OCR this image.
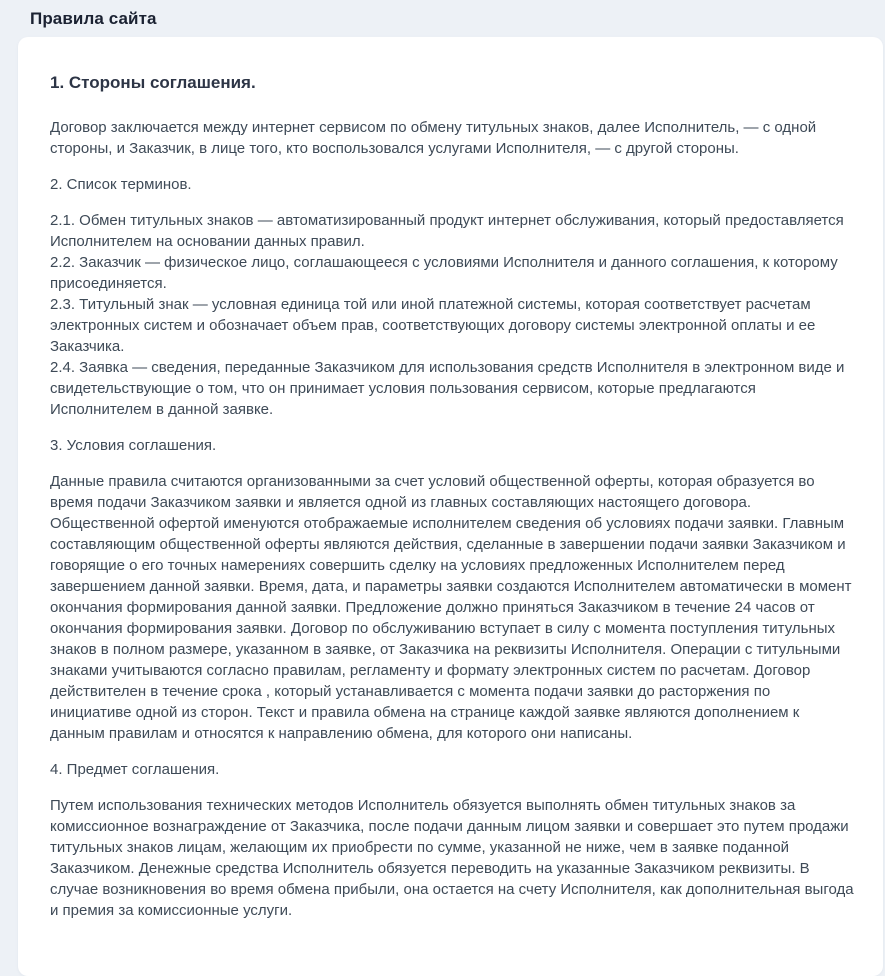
Правила сайта

1. Стороны соглашения.

Договор заключается между интернет сервисом по обмену титульных знаков, далее Исполнитель, — с одной стороны, и Заказчик, в лице того, кто воспользовался услугами Исполнителя, — с другой стороны.

2. Список терминов.

2.1. Обмен титульных знаков — автоматизированный продукт интернет обслуживания, который предоставляется Исполнителем на основании данных правил.

2.2. Заказчик — физическое лицо, соглашающееся с условиями Исполнителя и данного соглашения, к которому присоединяется.

2.3. Титульный знак — условная единица той или иной платежной системы, которая соответствует расчетам электронных систем и обозначает объем прав, соответствующих договору системы электронной оплаты и ее Заказчика.

2.4. Заявка — сведения, переданные Заказчиком для использования средств Исполнителя в электронном виде и свидетельствующие о том, что он принимает условия пользования сервисом, которые предлагаются Исполнителем в данной заявке.

3. Условия соглашения.

Данные правила считаются организованными за счет условий общественной оферты, которая образуется во время подачи Заказчиком заявки и является одной из главных составляющих настоящего договора. Общественной офертой именуются отображаемые исполнителем сведения об условиях подачи заявки. Главным составляющим общественной оферты являются действия, сделанные в завершении подачи заявки Заказчиком и говорящие о его точных намерениях совершить сделку на условиях предложенных Исполнителем перед завершением данной заявки. Время, дата, и параметры заявки создаются Исполнителем автоматически в момент окончания формирования данной заявки. Предложение должно приняться Заказчиком в течение 24 часов от окончания формирования заявки. Договор по обслуживанию вступает в силу с момента поступления титульных знаков в полном размере, указанном в заявке, от Заказчика на реквизиты Исполнителя. Операции с титульными знаками учитываются согласно правилам, регламенту и формату электронных систем по расчетам. Договор действителен в течение срока , который устанавливается с момента подачи заявки до расторжения по инициативе одной из сторон. Текст и правила обмена на странице каждой заявке являются дополнением к данным правилам и относятся к направлению обмена, для которого они написаны.

4. Предмет соглашения.

Путем использования технических методов Исполнитель обязуется выполнять обмен титульных знаков за комиссионное вознаграждение от Заказчика, после подачи данным лицом заявки и совершает это путем продажи титульных знаков лицам, желающим их приобрести по сумме, указанной не ниже, чем в заявке поданной Заказчиком. Денежные средства Исполнитель обязуется переводить на указанные Заказчиком реквизиты. В случае возникновения во время обмена прибыли, она остается на счету Исполнителя, как дополнительная выгода и премия за комиссионные услуги.
